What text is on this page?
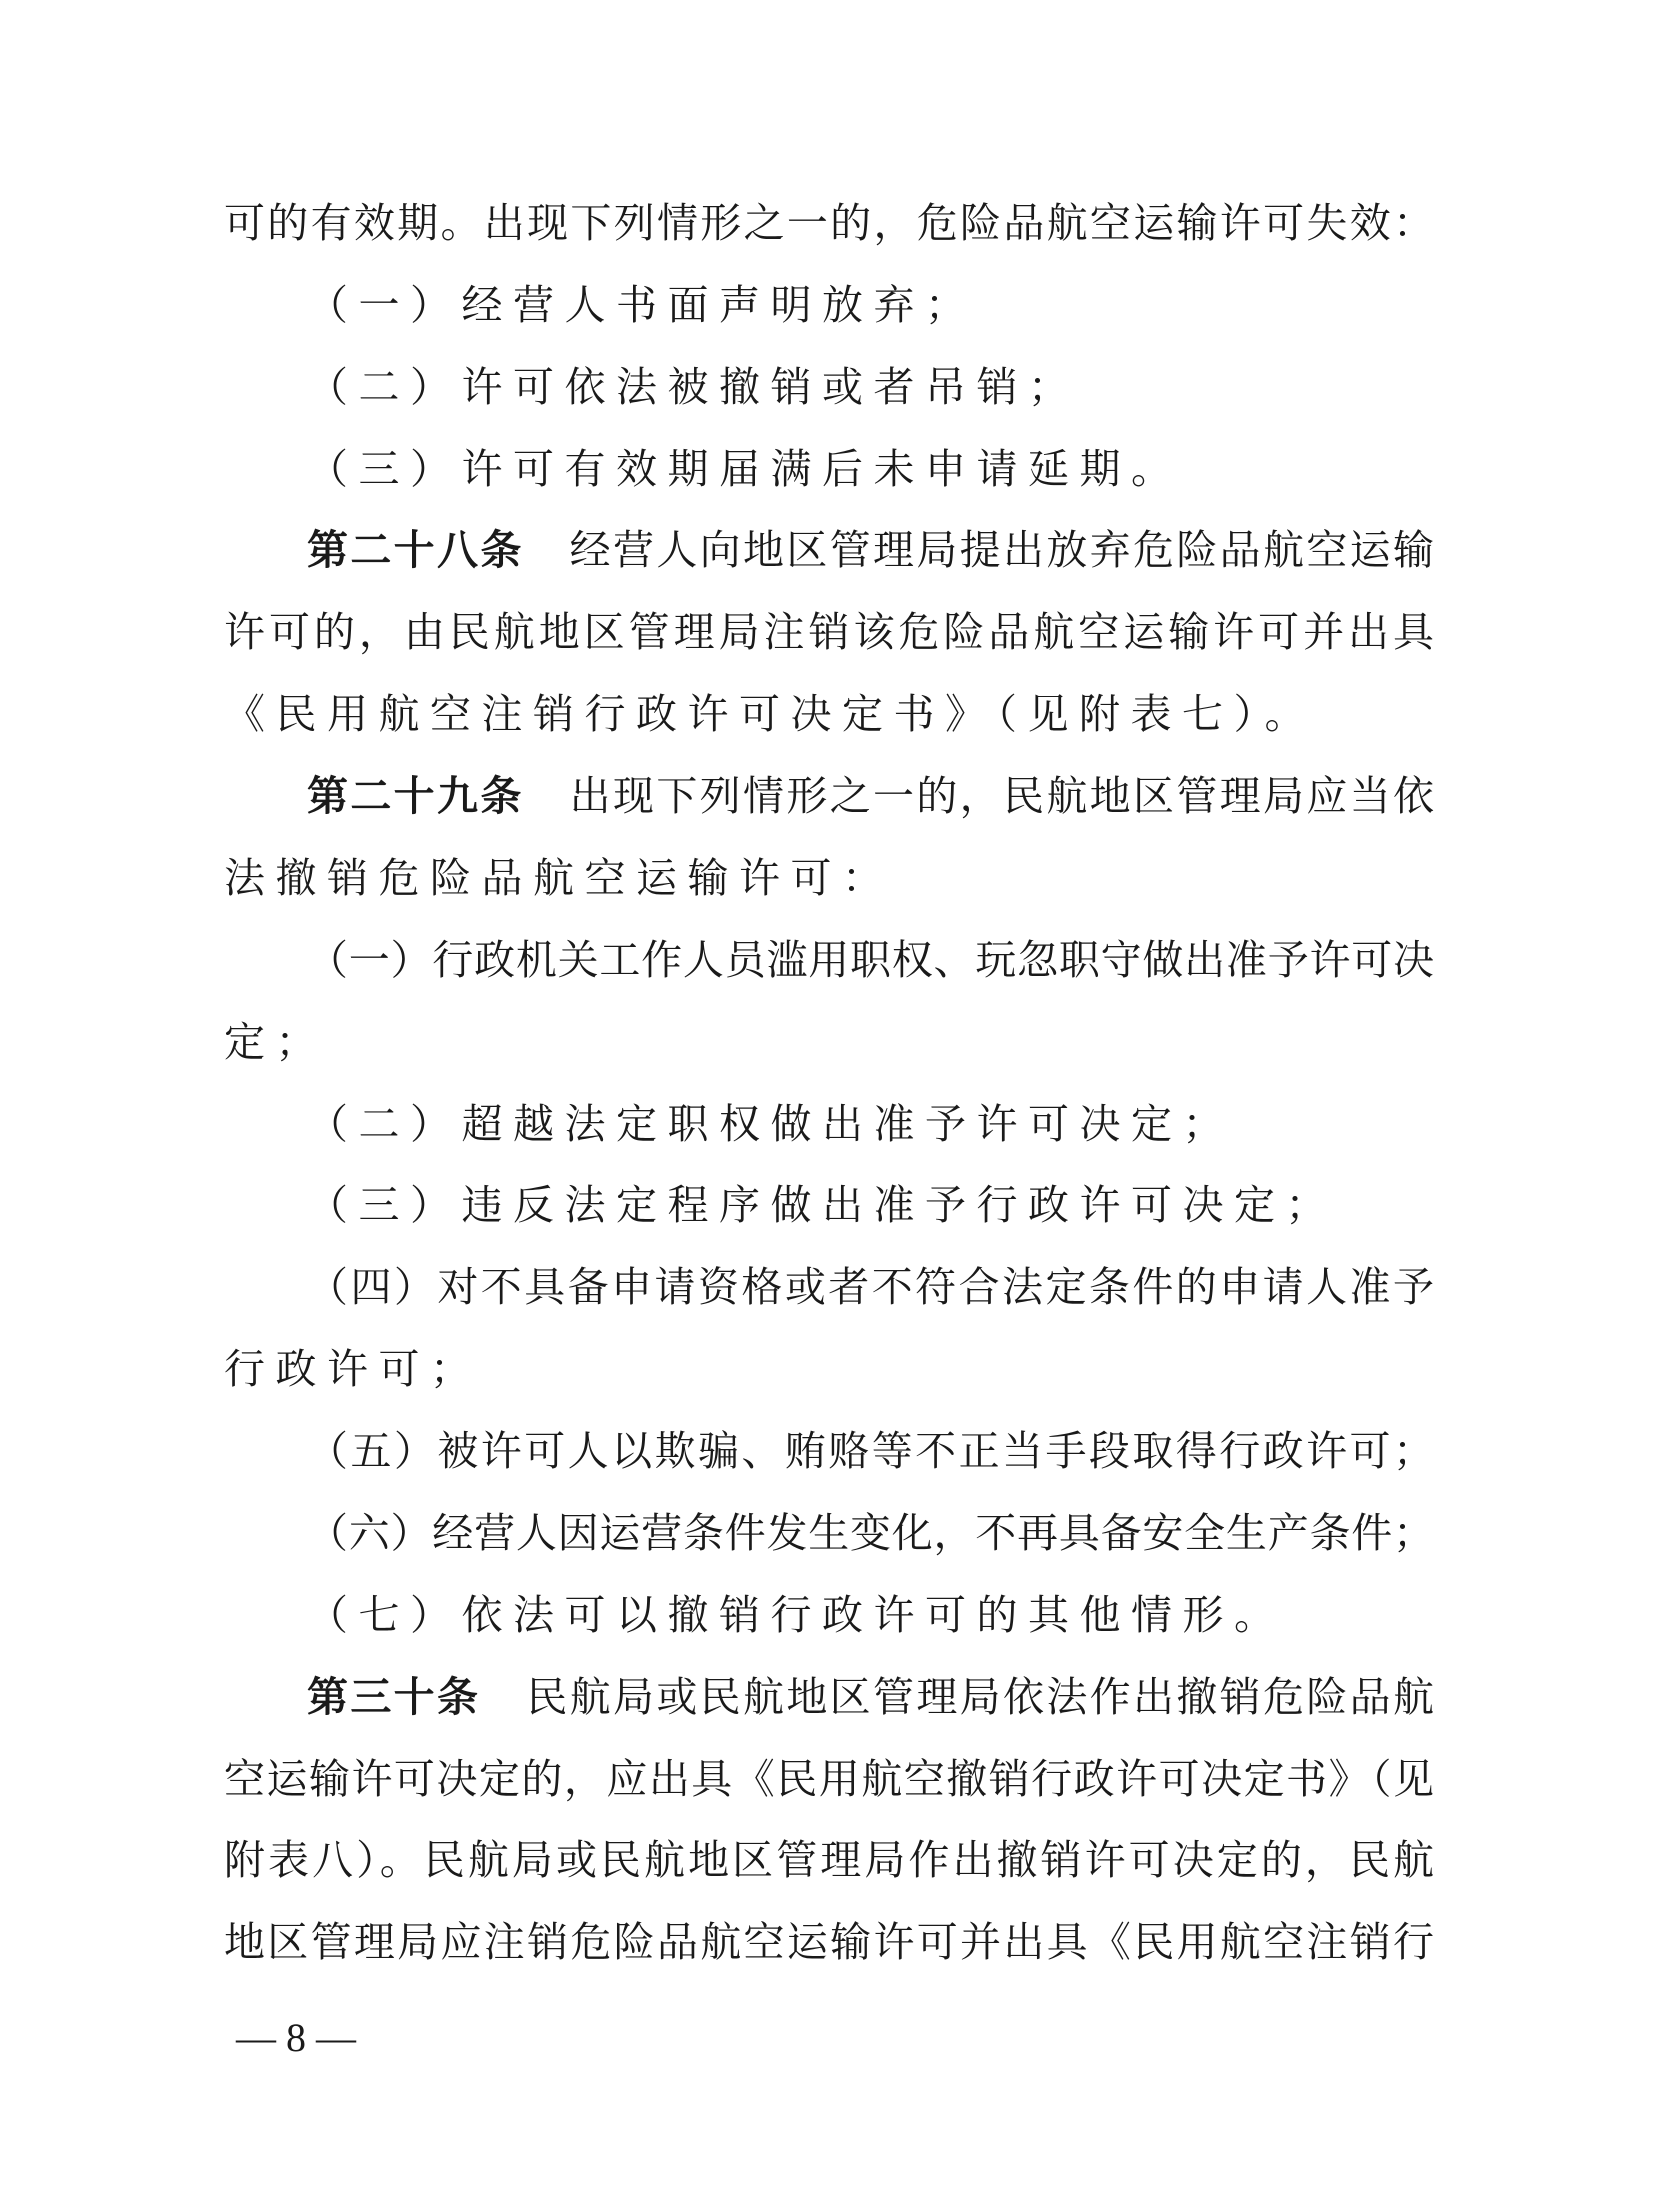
可的有效期。出现下列情形之一的，危险品航空运输许可失效：
（一）经营人书面声明放弃；
（二）许可依法被撤销或者吊销；
（三）许可有效期届满后未申请延期。
第二十八条 经营人向地区管理局提出放弃危险品航空运输
许可的，由民航地区管理局注销该危险品航空运输许可并出具
《民用航空注销行政许可决定书》（见附表七）。
第二十九条 出现下列情形之一的，民航地区管理局应当依
法撤销危险品航空运输许可：
（一）行政机关工作人员滥用职权、玩忽职守做出准予许可决
定；
（二）超越法定职权做出准予许可决定；
（三）违反法定程序做出准予行政许可决定；
（四）对不具备申请资格或者不符合法定条件的申请人准予
行政许可；
（五）被许可人以欺骗、贿赂等不正当手段取得行政许可；
（六）经营人因运营条件发生变化，不再具备安全生产条件；
（七）依法可以撤销行政许可的其他情形。
第三十条 民航局或民航地区管理局依法作出撤销危险品航
空运输许可决定的，应出具《民用航空撤销行政许可决定书》（见
附表八）。民航局或民航地区管理局作出撤销许可决定的，民航
地区管理局应注销危险品航空运输许可并出具《民用航空注销行
— 8 —
